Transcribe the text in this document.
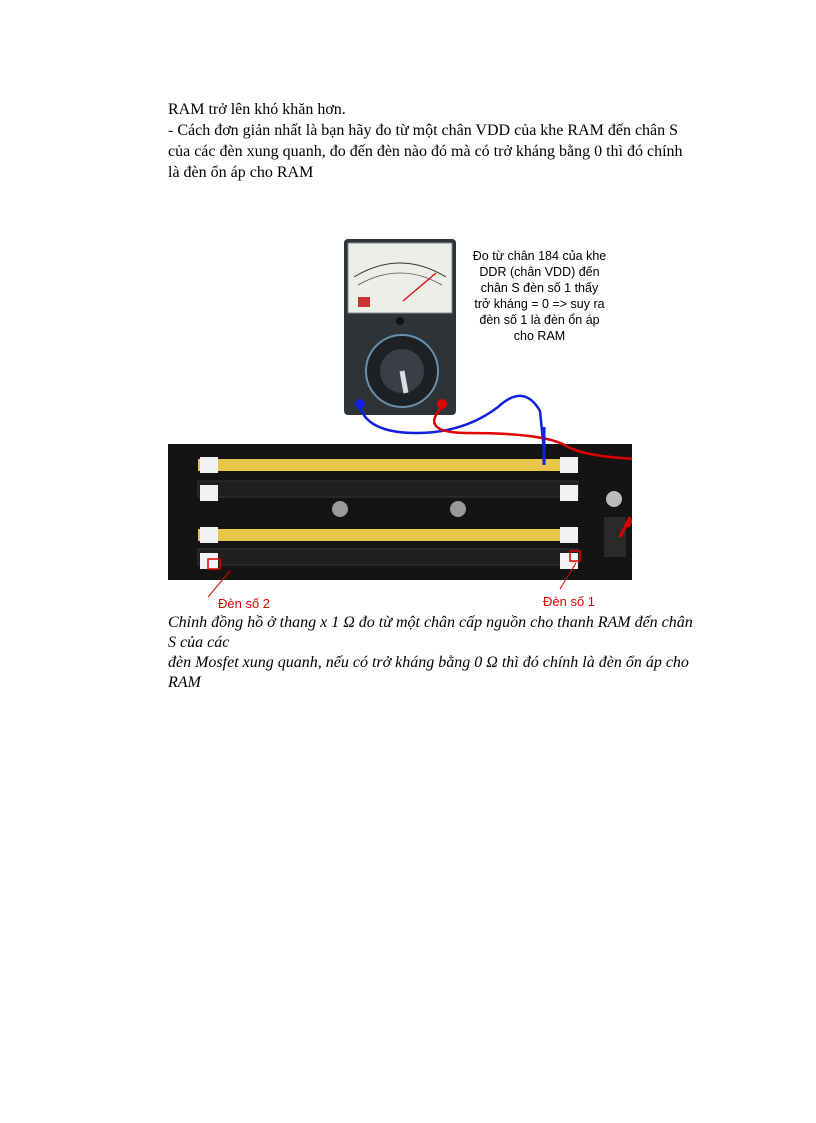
RAM trở lên khó khăn hơn.
- Cách đơn giản nhất là bạn hãy đo từ một chân VDD của khe RAM đến chân S
của các đèn xung quanh, đo đến đèn nào đó mà có trở kháng bằng 0 thì đó chính
là đèn ổn áp cho RAM

Đo từ chân 184 của khe
DDR (chân VDD) đến
chân S đèn số 1 thấy
trở kháng = 0 => suy ra
đèn số 1 là đèn ổn áp
cho RAM
Đèn số 2	Đèn số 1

Chỉnh đồng hồ ở thang x 1 Ω đo từ một chân cấp nguồn cho thanh RAM đến chân
S của các

đèn Mosfet xung quanh, nếu có trở kháng bằng 0 Ω thì đó chính là đèn ổn áp cho
RAM
